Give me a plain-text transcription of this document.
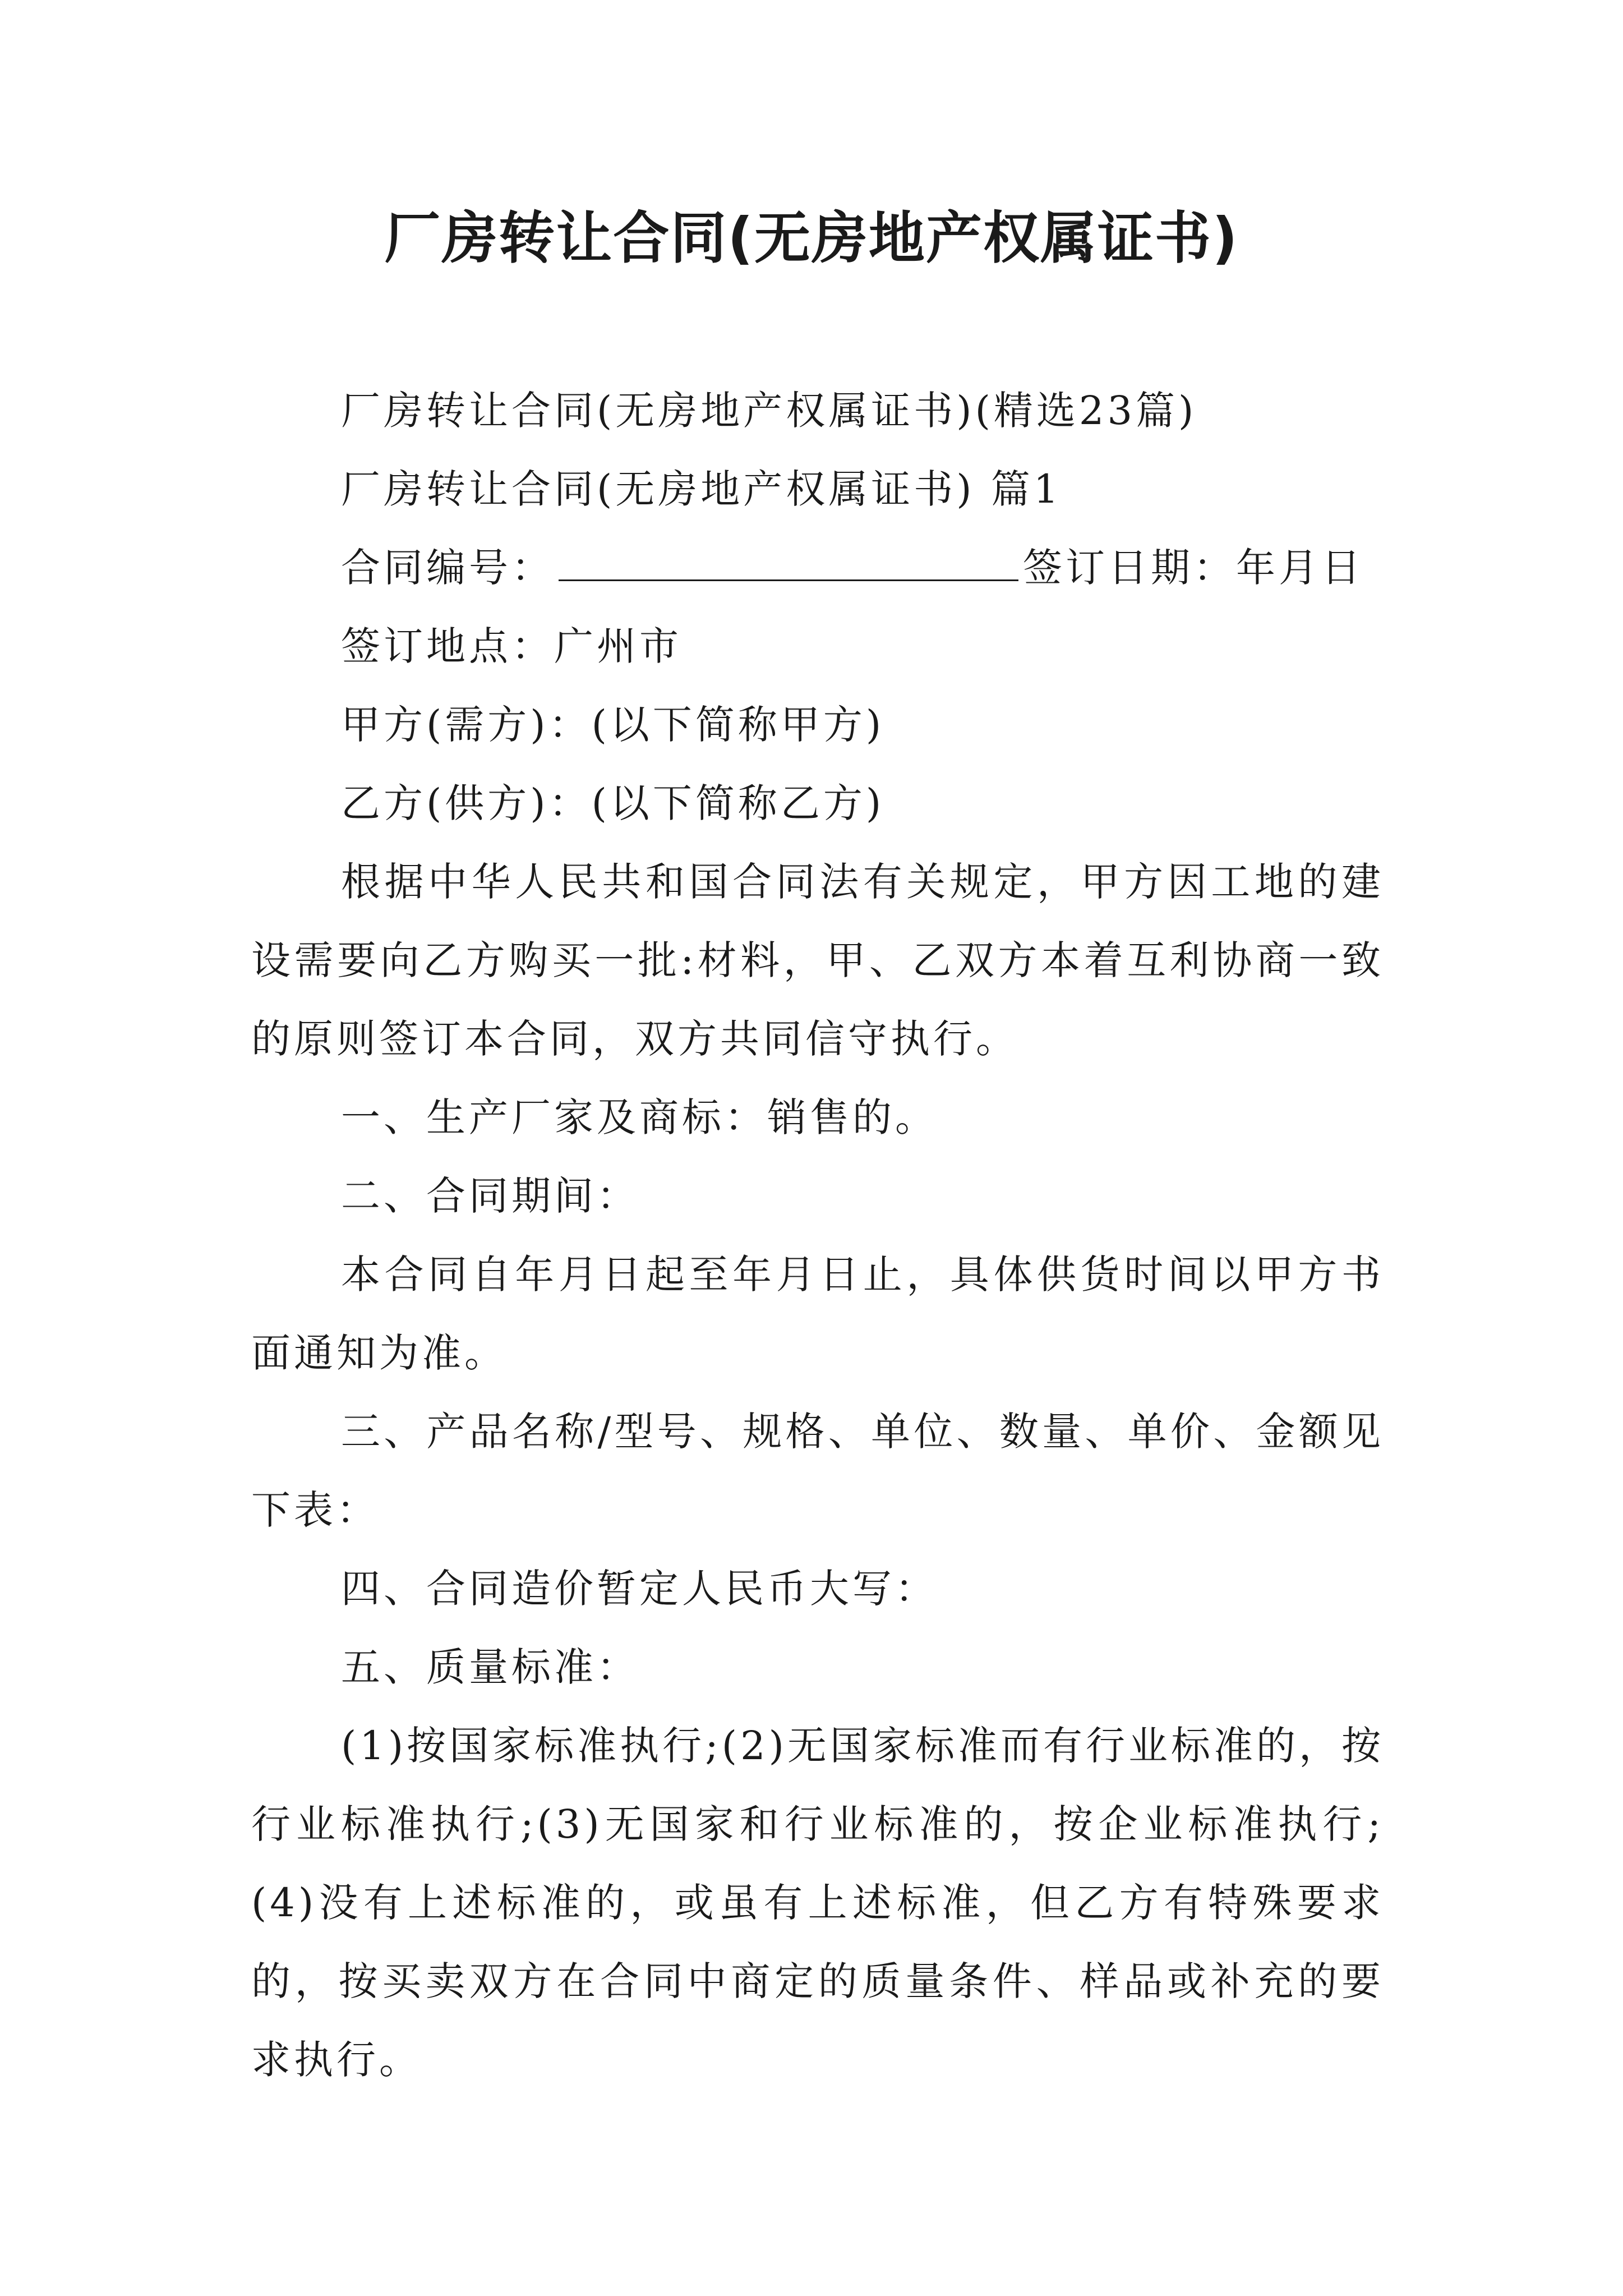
厂房转让合同(无房地产权属证书)

厂房转让合同(无房地产权属证书)(精选23篇)

厂房转让合同(无房地产权属证书) 篇1

合同编号：	签订日期：年月日

签订地点：广州市

甲方(需方)：(以下简称甲方)

乙方(供方)：(以下简称乙方)

根据中华人民共和国合同法有关规定，甲方因工地的建设需要向乙方购买一批:材料，甲、乙双方本着互利协商一致的原则签订本合同，双方共同信守执行。

一、生产厂家及商标：销售的。

二、合同期间：

本合同自年月日起至年月日止，具体供货时间以甲方书面通知为准。

三、产品名称/型号、规格、单位、数量、单价、金额见下表：

四、合同造价暂定人民币大写：

五、质量标准：

(1)按国家标准执行;(2)无国家标准而有行业标准的，按行业标准执行;(3)无国家和行业标准的，按企业标准执行;(4)没有上述标准的，或虽有上述标准，但乙方有特殊要求的，按买卖双方在合同中商定的质量条件、样品或补充的要求执行。
